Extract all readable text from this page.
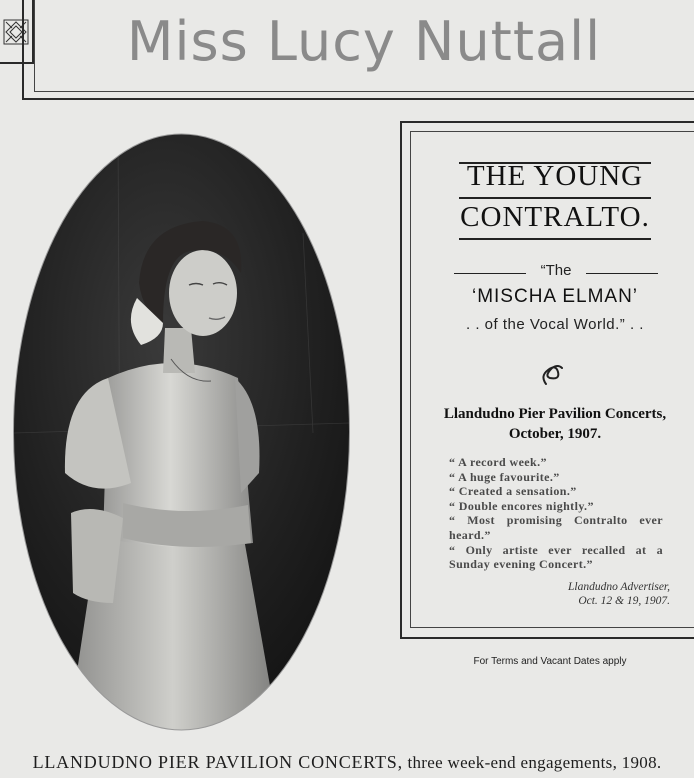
Miss Lucy Nuttall
THE YOUNG
CONTRALTO.
“The
‘MISCHA ELMAN’
. . of the Vocal World.” . .
Llandudno Pier Pavilion Concerts,
October, 1907.
“ A record week.”
“ A huge favourite.”
“ Created a sensation.”
“ Double encores nightly.”
“ Most promising Contralto ever heard.”
“ Only artiste ever recalled at a Sunday evening Concert.”
Llandudno Advertiser,
Oct. 12 & 19, 1907.
For Terms and Vacant Dates apply
LLANDUDNO PIER PAVILION CONCERTS, three week-end engagements, 1908.
